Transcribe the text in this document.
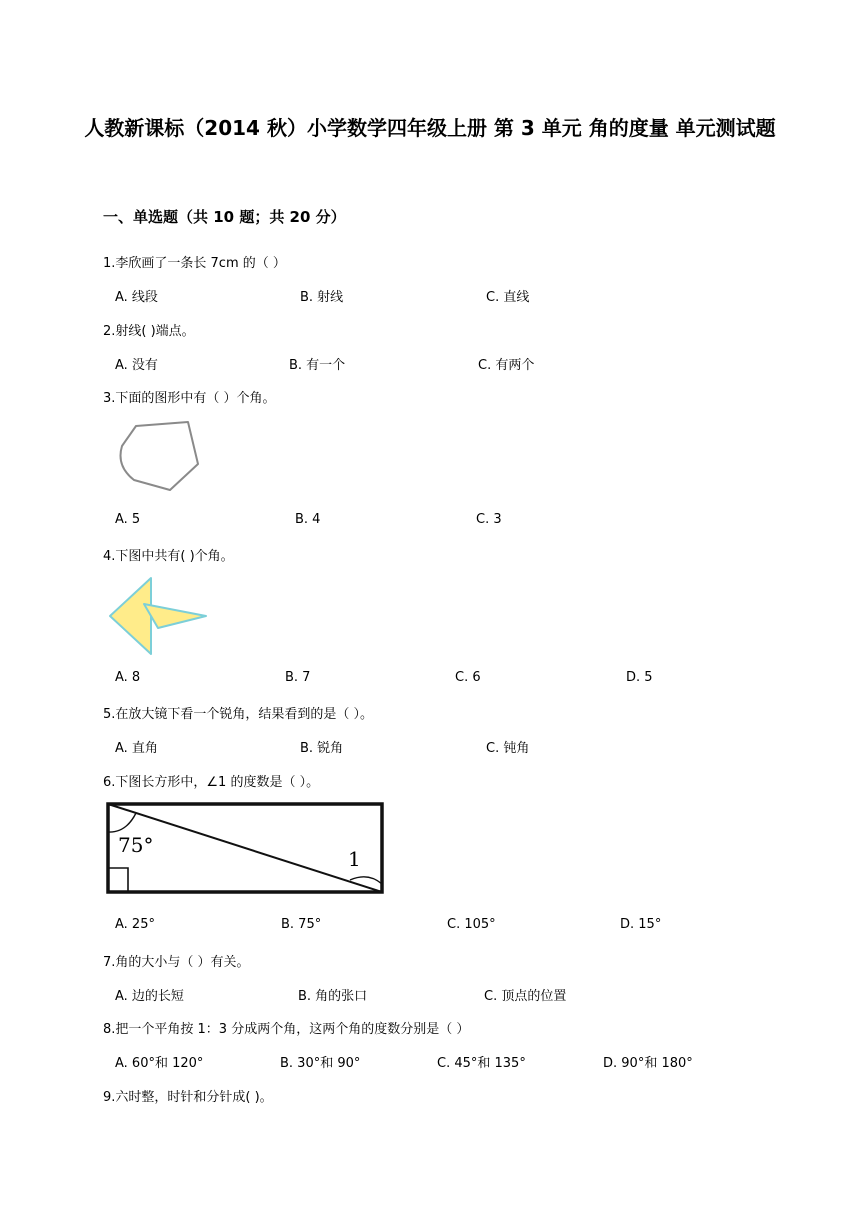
人教新课标（2014 秋）小学数学四年级上册 第 3 单元 角的度量 单元测试题
一、单选题（共 10 题；共 20 分）
1.李欣画了一条长 7cm 的（ ）
A. 线段	B. 射线	C. 直线
2.射线( )端点。
A. 没有	B. 有一个	C. 有两个
3.下面的图形中有（ ）个角。
A. 5	B. 4	C. 3
4.下图中共有( )个角。
A. 8	B. 7	C. 6	D. 5
5.在放大镜下看一个锐角，结果看到的是（ ）。
A. 直角	B. 锐角	C. 钝角
6.下图长方形中，∠1 的度数是（ ）。
75°
1
A. 25°	B. 75°	C. 105°	D. 15°
7.角的大小与（ ）有关。
A. 边的长短	B. 角的张口	C. 顶点的位置
8.把一个平角按 1：3 分成两个角，这两个角的度数分别是（ ）
A. 60°和 120°	B. 30°和 90°	C. 45°和 135°	D. 90°和 180°
9.六时整，时针和分针成( )。
